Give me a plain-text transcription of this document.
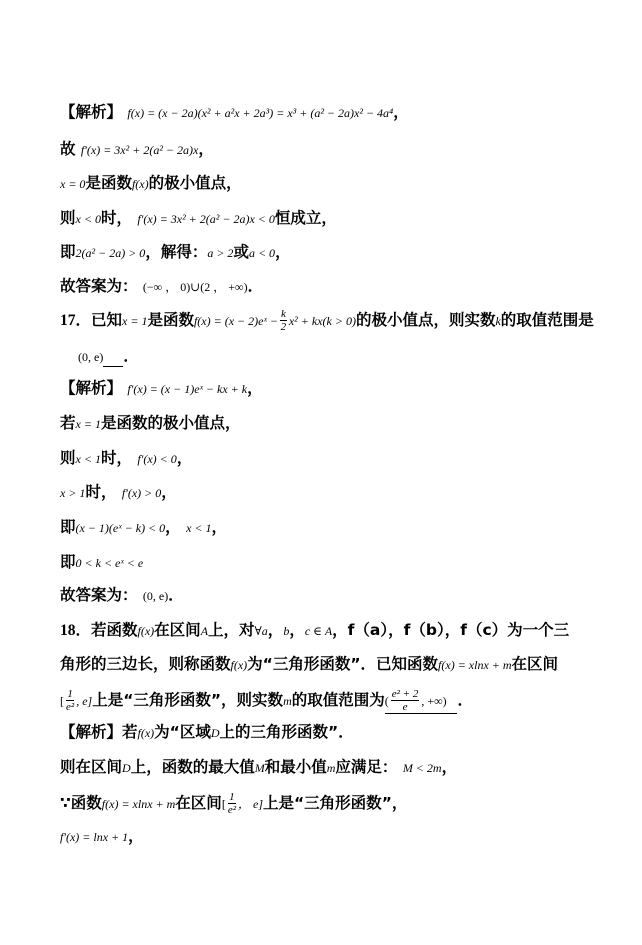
【解析】 f(x) = (x − 2a)(x² + a²x + 2a³) = x³ + (a² − 2a)x² − 4a⁴，
故 f′(x) = 3x² + 2(a² − 2a)x，
x = 0是函数f(x)的极小值点，
则x < 0时， f′(x) = 3x² + 2(a² − 2a)x < 0恒成立，
即2(a² − 2a) > 0，解得：a > 2或a < 0，
故答案为： (−∞ ， 0)∪(2 ， +∞)．
17．已知x = 1是函数f(x) = (x − 2)eˣ − $\frac{k}{2} x^2 + kx(k > 0)$的极小值点，则实数k的取值范围是
(0, e) ．
【解析】 f′(x) = (x − 1)eˣ − kx + k，
若x = 1是函数的极小值点，
则x < 1时， f′(x) < 0，
x > 1时， f′(x) > 0，
即(x − 1)(eˣ − k) < 0， x < 1，
即0 < k < eˣ < e
故答案为： (0, e)．
18．若函数f(x)在区间A上，对∀a，b，c ∈ A，f（a），f（b），f（c）为一个三
角形的三边长，则称函数f(x)为“三角形函数”．已知函数f(x) = xlnx + m在区间
[ $\frac{1}{\text{e²}}$ , e]上是“三角形函数”，则实数m的取值范围为( $\frac{\text{e² + 2}}{e}$ , +∞) ．
【解析】若f(x)为“区域D上的三角形函数”．
则在区间D上，函数的最大值M和最小值m应满足： M < 2m，
∵函数f(x) = xlnx + m在区间[ $\frac{1}{\text{e²}}$ ， e]上是“三角形函数”，
f′(x) = lnx + 1，
